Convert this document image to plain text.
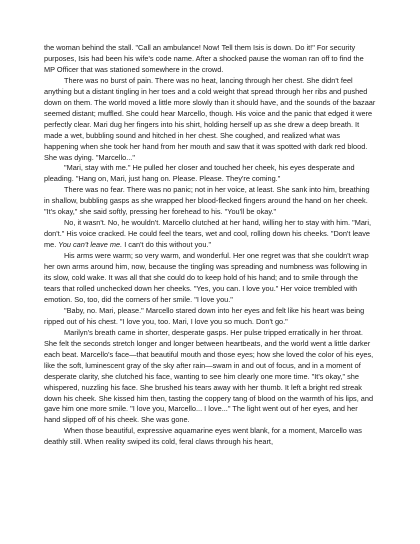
the woman behind the stall. "Call an ambulance! Now! Tell them Isis is down. Do it!" For security purposes, Isis had been his wife's code name. After a shocked pause the woman ran off to find the MP Officer that was stationed somewhere in the crowd.

There was no burst of pain. There was no heat, lancing through her chest. She didn't feel anything but a distant tingling in her toes and a cold weight that spread through her ribs and pushed down on them. The world moved a little more slowly than it should have, and the sounds of the bazaar seemed distant; muffled. She could hear Marcello, though. His voice and the panic that edged it were perfectly clear. Mari dug her fingers into his shirt, holding herself up as she drew a deep breath. It made a wet, bubbling sound and hitched in her chest. She coughed, and realized what was happening when she took her hand from her mouth and saw that it was spotted with dark red blood. She was dying. "Marcello..."

"Mari, stay with me." He pulled her closer and touched her cheek, his eyes desperate and pleading. "Hang on, Mari, just hang on. Please. Please. They're coming."

There was no fear. There was no panic; not in her voice, at least. She sank into him, breathing in shallow, bubbling gasps as she wrapped her blood-flecked fingers around the hand on her cheek. "It's okay," she said softly, pressing her forehead to his. "You'll be okay."

No, it wasn't. No, he wouldn't. Marcello clutched at her hand, willing her to stay with him. "Mari, don't." His voice cracked. He could feel the tears, wet and cool, rolling down his cheeks. "Don't leave me. You can't leave me. I can't do this without you."

His arms were warm; so very warm, and wonderful. Her one regret was that she couldn't wrap her own arms around him, now, because the tingling was spreading and numbness was following in its slow, cold wake. It was all that she could do to keep hold of his hand; and to smile through the tears that rolled unchecked down her cheeks. "Yes, you can. I love you." Her voice trembled with emotion. So, too, did the corners of her smile. "I love you."

"Baby, no. Mari, please." Marcello stared down into her eyes and felt like his heart was being ripped out of his chest. "I love you, too. Mari, I love you so much. Don't go."

Marilyn's breath came in shorter, desperate gasps. Her pulse tripped erratically in her throat. She felt the seconds stretch longer and longer between heartbeats, and the world went a little darker each beat. Marcello's face—that beautiful mouth and those eyes; how she loved the color of his eyes, like the soft, luminescent gray of the sky after rain—swam in and out of focus, and in a moment of desperate clarity, she clutched his face, wanting to see him clearly one more time. "It's okay," she whispered, nuzzling his face. She brushed his tears away with her thumb. It left a bright red streak down his cheek. She kissed him then, tasting the coppery tang of blood on the warmth of his lips, and gave him one more smile. "I love you, Marcello... I love..." The light went out of her eyes, and her hand slipped off of his cheek. She was gone.

When those beautiful, expressive aquamarine eyes went blank, for a moment, Marcello was deathly still. When reality swiped its cold, feral claws through his heart,
